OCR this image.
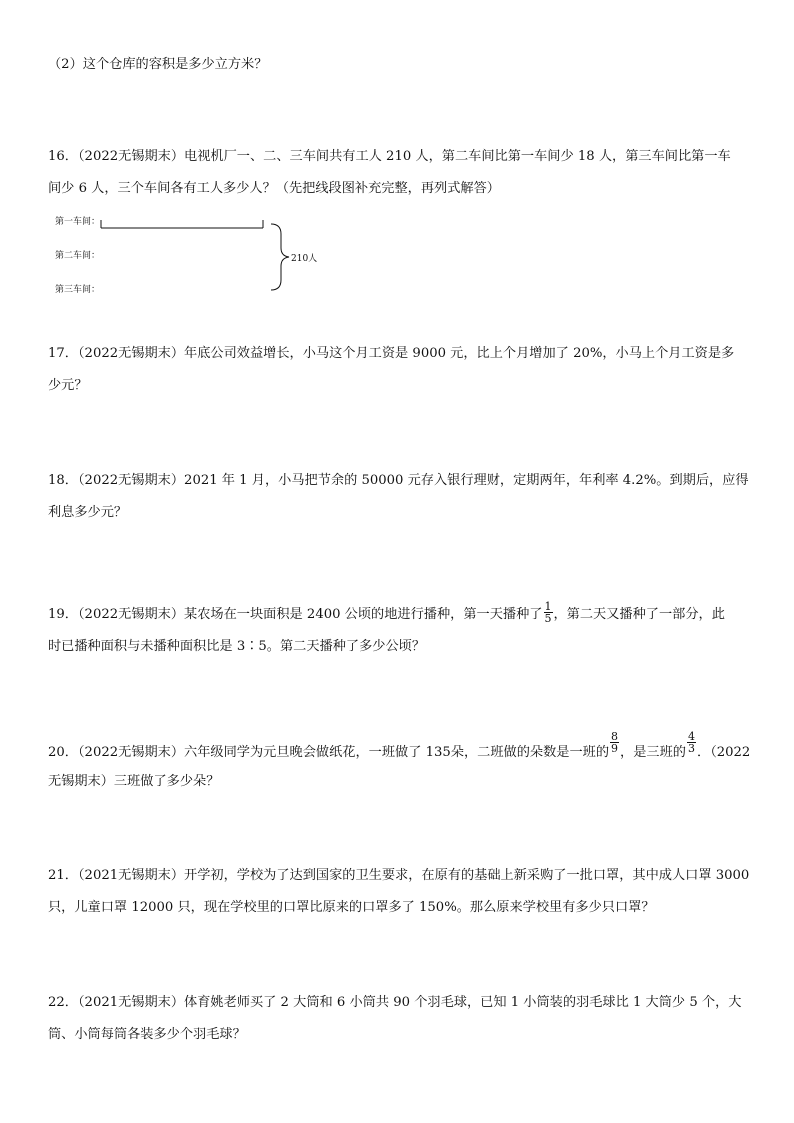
（2）这个仓库的容积是多少立方米？
16．（2022无锡期末）电视机厂一、二、三车间共有工人 210 人，第二车间比第一车间少 18 人，第三车间比第一车
间少 6 人，三个车间各有工人多少人？（先把线段图补充完整，再列式解答）
第一车间：
第二车间：
第三车间：
210人
17．（2022无锡期末）年底公司效益增长，小马这个月工资是 9000 元，比上个月增加了 20%，小马上个月工资是多
少元？
18．（2022无锡期末）2021 年 1 月，小马把节余的 50000 元存入银行理财，定期两年，年利率 4.2%。到期后，应得
利息多少元？
19．（2022无锡期末）某农场在一块面积是 2400 公顷的地进行播种，第一天播种了 $\frac{1}{5}$ ，第二天又播种了一部分，此
时已播种面积与未播种面积比是 3∶5。第二天播种了多少公顷？
20．（2022无锡期末）六年级同学为元旦晚会做纸花，一班做了 135朵，二班做的朵数是一班的 $\frac{8}{9}$ ，是三班的 $\frac{4}{3}$ ．（2022
无锡期末）三班做了多少朵？
21．（2021无锡期末）开学初，学校为了达到国家的卫生要求，在原有的基础上新采购了一批口罩，其中成人口罩 3000
只，儿童口罩 12000 只，现在学校里的口罩比原来的口罩多了 150%。那么原来学校里有多少只口罩？
22．（2021无锡期末）体育姚老师买了 2 大筒和 6 小筒共 90 个羽毛球，已知 1 小筒装的羽毛球比 1 大筒少 5 个，大
筒、小筒每筒各装多少个羽毛球？
